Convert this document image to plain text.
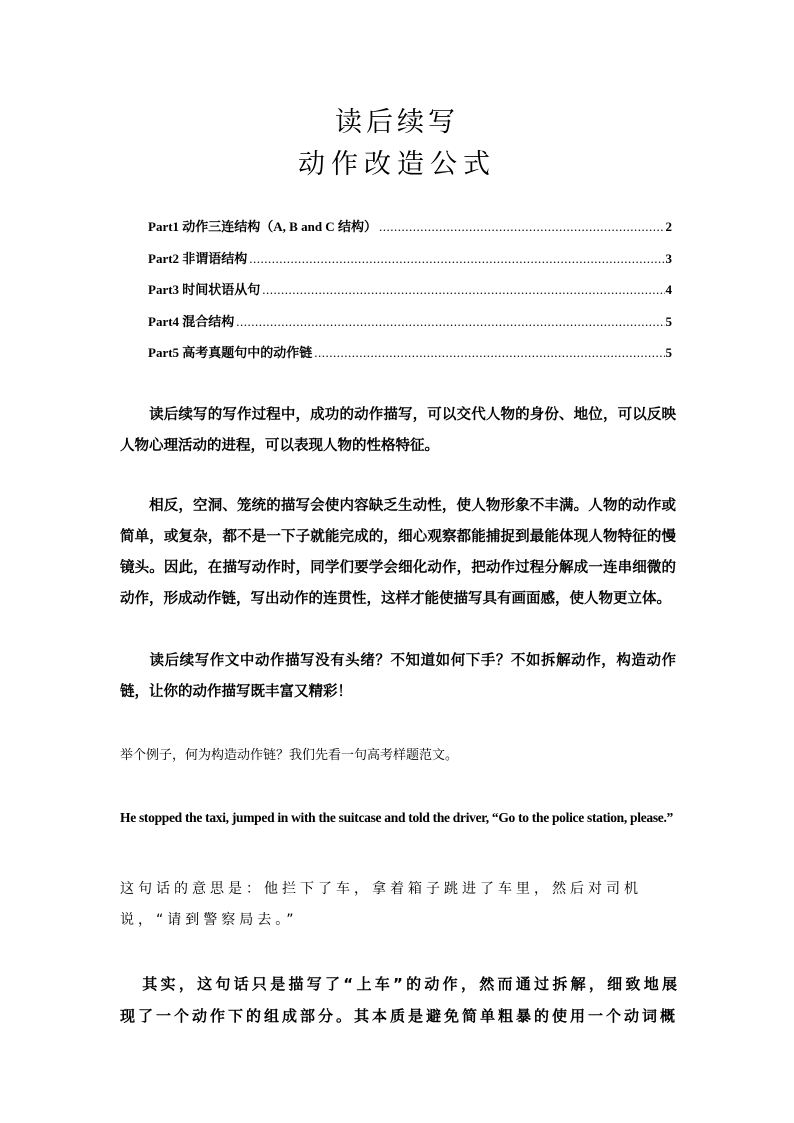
读后续写
动作改造公式
Part1 动作三连结构（A, B and C 结构） .....	2
Part2 非谓语结构 .....	3
Part3 时间状语从句 .....	4
Part4 混合结构 .....	5
Part5 高考真题句中的动作链 .....	5
读后续写的写作过程中，成功的动作描写，可以交代人物的身份、地位，可以反映人物心理活动的进程，可以表现人物的性格特征。
相反，空洞、笼统的描写会使内容缺乏生动性，使人物形象不丰满。人物的动作或简单，或复杂，都不是一下子就能完成的，细心观察都能捕捉到最能体现人物特征的慢镜头。因此，在描写动作时，同学们要学会细化动作，把动作过程分解成一连串细微的动作，形成动作链，写出动作的连贯性，这样才能使描写具有画面感，使人物更立体。
读后续写作文中动作描写没有头绪？不知道如何下手？不如拆解动作，构造动作链，让你的动作描写既丰富又精彩！
举个例子，何为构造动作链？我们先看一句高考样题范文。
He stopped the taxi, jumped in with the suitcase and told the driver, “Go to the police station, please.”
这句话的意思是：他拦下了车，拿着箱子跳进了车里，然后对司机说，“请到警察局去。”
其实，这句话只是描写了“上车”的动作，然而通过拆解，细致地展现了一个动作下的组成部分。其本质是避免简单粗暴的使用一个动词概
